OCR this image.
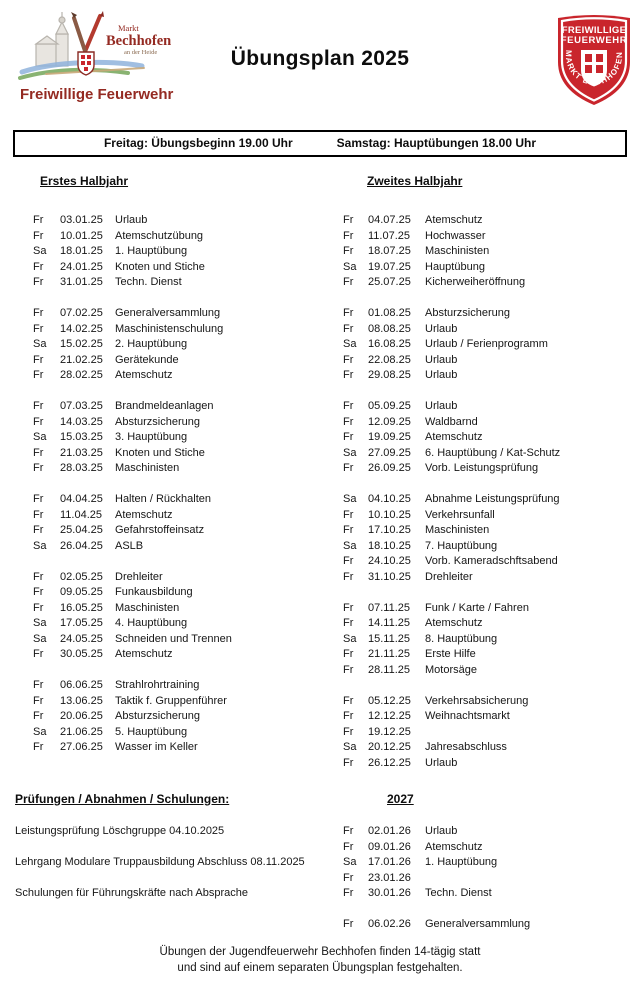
Markt
Bechhofen
an der Heide
Freiwillige Feuerwehr
Übungsplan 2025
FREIWILLIGE
FEUERWEHR
MARKT BECHHOFEN
Freitag: Übungsbeginn 19.00 Uhr	Samstag: Hauptübungen 18.00 Uhr
Erstes Halbjahr
Fr	03.01.25	Urlaub
Fr	10.01.25	Atemschutzübung
Sa	18.01.25	1. Hauptübung
Fr	24.01.25	Knoten und Stiche
Fr	31.01.25	Techn. Dienst
Fr	07.02.25	Generalversammlung
Fr	14.02.25	Maschinistenschulung
Sa	15.02.25	2. Hauptübung
Fr	21.02.25	Gerätekunde
Fr	28.02.25	Atemschutz
Fr	07.03.25	Brandmeldeanlagen
Fr	14.03.25	Absturzsicherung
Sa	15.03.25	3. Hauptübung
Fr	21.03.25	Knoten und Stiche
Fr	28.03.25	Maschinisten
Fr	04.04.25	Halten / Rückhalten
Fr	11.04.25	Atemschutz
Fr	25.04.25	Gefahrstoffeinsatz
Sa	26.04.25	ASLB
Fr	02.05.25	Drehleiter
Fr	09.05.25	Funkausbildung
Fr	16.05.25	Maschinisten
Sa	17.05.25	4. Hauptübung
Sa	24.05.25	Schneiden und Trennen
Fr	30.05.25	Atemschutz
Fr	06.06.25	Strahlrohrtraining
Fr	13.06.25	Taktik f. Gruppenführer
Fr	20.06.25	Absturzsicherung
Sa	21.06.25	5. Hauptübung
Fr	27.06.25	Wasser im Keller
Prüfungen / Abnahmen / Schulungen:
Leistungsprüfung Löschgruppe 04.10.2025
Lehrgang Modulare Truppausbildung Abschluss 08.11.2025
Schulungen für Führungskräfte nach Absprache
Zweites Halbjahr
Fr	04.07.25	Atemschutz
Fr	11.07.25	Hochwasser
Fr	18.07.25	Maschinisten
Sa	19.07.25	Hauptübung
Fr	25.07.25	Kicherweiheröffnung
Fr	01.08.25	Absturzsicherung
Fr	08.08.25	Urlaub
Sa	16.08.25	Urlaub / Ferienprogramm
Fr	22.08.25	Urlaub
Fr	29.08.25	Urlaub
Fr	05.09.25	Urlaub
Fr	12.09.25	Waldbarnd
Fr	19.09.25	Atemschutz
Sa	27.09.25	6. Hauptübung / Kat-Schutz
Fr	26.09.25	Vorb. Leistungsprüfung
Sa	04.10.25	Abnahme Leistungsprüfung
Fr	10.10.25	Verkehrsunfall
Fr	17.10.25	Maschinisten
Sa	18.10.25	7. Hauptübung
Fr	24.10.25	Vorb. Kameradschftsabend
Fr	31.10.25	Drehleiter
Fr	07.11.25	Funk / Karte / Fahren
Fr	14.11.25	Atemschutz
Sa	15.11.25	8. Hauptübung
Fr	21.11.25	Erste Hilfe
Fr	28.11.25	Motorsäge
Fr	05.12.25	Verkehrsabsicherung
Fr	12.12.25	Weihnachtsmarkt
Fr	19.12.25
Sa	20.12.25	Jahresabschluss
Fr	26.12.25	Urlaub
2027
Fr	02.01.26	Urlaub
Fr	09.01.26	Atemschutz
Sa	17.01.26	1. Hauptübung
Fr	23.01.26
Fr	30.01.26	Techn. Dienst
Fr	06.02.26	Generalversammlung
Übungen der Jugendfeuerwehr Bechhofen finden 14-tägig statt
und sind auf einem separaten Übungsplan festgehalten.
